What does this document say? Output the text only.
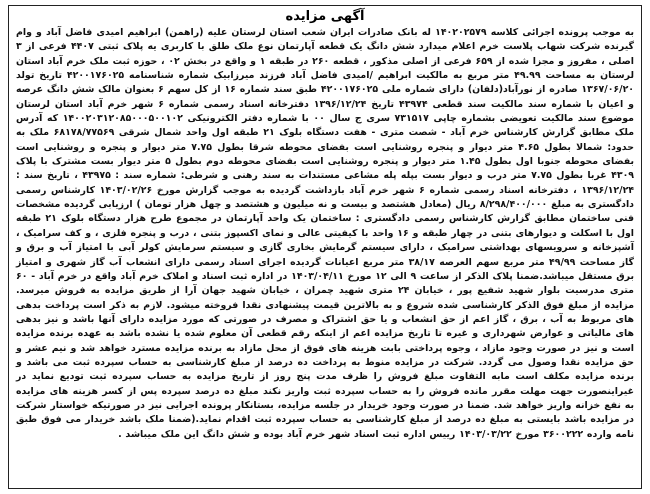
آگهی مزایده

به موجب پرونده اجرائی کلاسه ۱۴۰۲۰۲۵۷۹ له بانک صادرات ایران شعب استان لرستان علیه (راهمن) ابراهیم امیدی فاضل آباد و وام گیرنده شرکت شهاب پلاست خرم اعلام میدارد شش دانگ یک قطعه آپارتمان نوع ملک طلق با کاربری یه پلاک ثبتی ۴۴۰۷ فرعی از ۳ اصلی ، مفروز و مجزا شده از ۶۵۹ فرعی از اصلی مذکور ، قطعه ۲۶۰ در طبقه ۱ و واقع در بخش ۰۲ ، حوزه ثبت ملک خرم آباد استان لرستان به مساحت ۴۹.۹۹ متر مربع به مالکیت ابراهیم /امیدی فاضل آباد فرزند میرزابیک شماره شناسنامه ۴۲۰۰۱۷۶۰۲۵ تاریخ تولد ۱۳۶۷/۰۶/۲۰ صادره از نورآباد(دلفان) دارای شماره ملی ۴۲۰۰۱۷۶۰۲۵ طبق سند شماره ۱۶ از کل سهم ۶ بعنوان مالک شش دانگ عرصه و اعیان با شماره سند مالکیت سند قطعی ۴۳۹۷۴ تاریخ ۱۳۹۶/۱۲/۲۴ دفترخانه اسناد رسمی شماره ۶ شهر خرم آباد استان لرستان موضوع سند مالکیت تعویضی بشماره چاپی ۷۳۱۵۱۷ سری ج سال ۰۰ با شماره دفتر الکترونیکی ۱۴۰۰۲۰۳۱۲۰۸۵۰۰۰۵۰۰۱۰۲ که آدرس ملک مطابق گزارش کارشناس خرم آباد - شصت متری - هفت دستگاه بلوک ۲۱ طبقه اول واحد شمال شرقی ۶۸۱۷۸/۷۷۵۶۹ ملک به حدود: شمالا بطول ۴.۶۵ متر دیوار و پنجره روشنایی است بفضای محوطه شرقا بطول ۷.۷۵ متر دیوار و پنجره و روشنایی است بفضای محوطه جنوبا اول بطول ۱.۴۵ متر دیوار و پنجره روشنایی است بفضای محوطه دوم بطول ۵ متر دیوار بست مشترک با پلاک ۴۳۰۹ غربا بطول ۷.۷۵ متر درب و دیوار بست بپله پله مشاعی مستندات به سند رهنی و شرطی: شماره سند : ۴۳۹۷۵ ، تاریخ سند : ۱۳۹۶/۱۲/۲۴ ، دفترخانه اسناد رسمی شماره ۶ شهر خرم آباد بازداشت گردیده به موجب گزارش مورخ ۱۴۰۳/۰۲/۲۶ کارشناس رسمی دادگستری به مبلغ ۸/۲۹۸/۴۰۰/۰۰۰ ریال (معادل هشتصد و بیست و نه میلیون و هشتصد و چهل هزار تومان ) ارزیابی گردیده مشخصات فنی ساختمان مطابق گزارش کارشناس رسمی دادگستری : ساختمان یک واحد آپارتمان در مجموع طرح هزار دستگاه بلوک ۲۱ طبقه اول با اسکلت و دیوارهای بتنی در چهار طبقه و ۱۶ واحد با کیفیتی عالی و نمای اکسپوز بتنی ، درب و پنجره فلزی ، و کف سرامیک ، آشپزخانه و سرویسهای بهداشتی سرامیک ، دارای سیستم گرمایش بخاری گازی و سیستم سرمایش کولر آبی با امتیاز آب و برق و گاز مساحت ۴۹/۹۹ متر مربع سهم العرصه ۳۸/۱۷ متر مربع اعیانات گردیده اجرای اسناد رسمی دارای انشعاب آب گاز شهری و امتیاز برق مستقل میباشد.ضمنا پلاک الذکر از ساعت ۹ الی ۱۲ مورخ ۱۴۰۳/۰۴/۱۱ در اداره ثبت اسناد و املاک خرم آباد واقع در خرم آباد - ۶۰ متری مدرسیت بلوار شهید شفیع پور ، خیابان ۲۴ متری شهید چمران ، خیابان شهید جهان آرا از طریق مزایده به فروش میرسد. مزایده از مبلغ فوق الذکر کارشناسی شده شروع و به بالاترین قیمت پیشنهادی نقدا فروخته میشود. لازم به ذکر است پرداخت بدهی های مربوط به آب ، برق ، گاز اعم از حق انشعاب و یا حق اشتراک و مصرف در صورتی که مورد مزایده دارای آنها باشد و نیز بدهی های مالیاتی و عوارض شهرداری و غیره تا تاریخ مزایده اعم از اینکه رقم قطعی آن معلوم شده یا نشده باشد به عهده برنده مزایده است و نیز در صورت وجود مازاد ، وجوه پرداختی بابت هزینه های فوق از محل مازاد به برنده مزایده مسترد خواهد شد و نیم عشر و حق مزایده نقدا وصول می گردد. شرکت در مزایده منوط به پرداخت ده درصد از مبلغ کارشناسی به حساب سپرده ثبت می باشد و برنده مزایده مکلف است مابه التفاوت مبلغ فروش را ظرف مدت پنج روز از تاریخ مزایده به حساب سپرده ثبت تودیع نماید در غیراینصورت جهت مهلت مقرر مانده فروش را به حساب سپرده ثبت واریز نکند مبلغ ده درصد سپرده پس از کسر هزینه های مزایده به نفع خزانه واریز خواهد شد. ضمنا در صورت وجود خریدار در جلسه مزایده، بستانکار پرونده اجرایی نیز در صورتیکه خواستار شرکت در مزایده باشد بایستی به مبلغ ده درصد از مبلغ کارشناسی به حساب سپرده ثبت اقدام نماید.(ضمنا ملک باشد خریدار می فوق طبق نامه وارده ۳۶۰۰۲۲۲ مورخ ۱۴۰۳/۰۳/۲۲ رییس اداره ثبت اسناد شهر خرم آباد بوده و شش دانگ این ملک میباشد .
